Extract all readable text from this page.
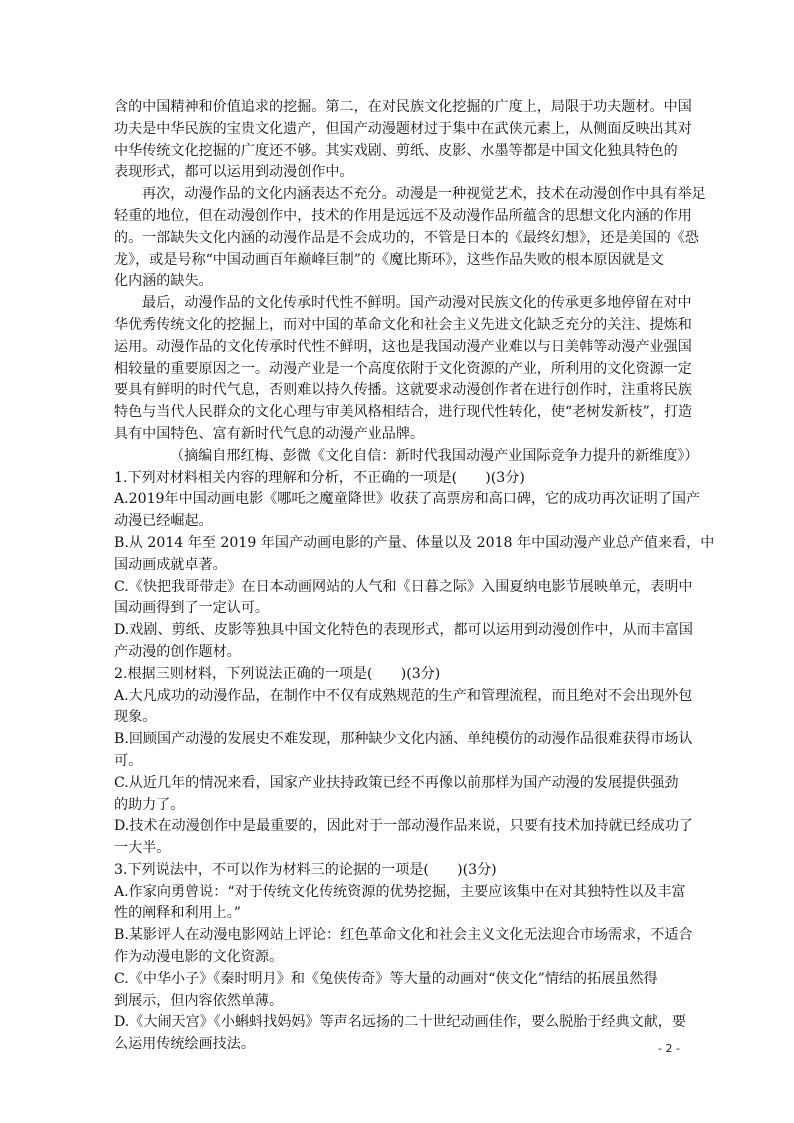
含的中国精神和价值追求的挖掘。第二，在对民族文化挖掘的广度上，局限于功夫题材。中国
功夫是中华民族的宝贵文化遗产，但国产动漫题材过于集中在武侠元素上，从侧面反映出其对
中华传统文化挖掘的广度还不够。其实戏剧、剪纸、皮影、水墨等都是中国文化独具特色的
表现形式，都可以运用到动漫创作中。
再次，动漫作品的文化内涵表达不充分。动漫是一种视觉艺术，技术在动漫创作中具有举足
轻重的地位，但在动漫创作中，技术的作用是远远不及动漫作品所蕴含的思想文化内涵的作用
的。一部缺失文化内涵的动漫作品是不会成功的，不管是日本的《最终幻想》，还是美国的《恐
龙》，或是号称“中国动画百年巅峰巨制”的《魔比斯环》，这些作品失败的根本原因就是文
化内涵的缺失。
最后，动漫作品的文化传承时代性不鲜明。国产动漫对民族文化的传承更多地停留在对中
华优秀传统文化的挖掘上，而对中国的革命文化和社会主义先进文化缺乏充分的关注、提炼和
运用。动漫作品的文化传承时代性不鲜明，这也是我国动漫产业难以与日美韩等动漫产业强国
相较量的重要原因之一。动漫产业是一个高度依附于文化资源的产业，所利用的文化资源一定
要具有鲜明的时代气息，否则难以持久传播。这就要求动漫创作者在进行创作时，注重将民族
特色与当代人民群众的文化心理与审美风格相结合，进行现代性转化，使“老树发新枝”，打造
具有中国特色、富有新时代气息的动漫产业品牌。
（摘编自邢红梅、彭微《文化自信：新时代我国动漫产业国际竞争力提升的新维度》）
1.下列对材料相关内容的理解和分析，不正确的一项是(　　)(3分)
A.2019年中国动画电影《哪吒之魔童降世》收获了高票房和高口碑，它的成功再次证明了国产
动漫已经崛起。
B.从 2014 年至 2019 年国产动画电影的产量、体量以及 2018 年中国动漫产业总产值来看，中
国动画成就卓著。
C.《快把我哥带走》在日本动画网站的人气和《日暮之际》入围夏纳电影节展映单元，表明中
国动画得到了一定认可。
D.戏剧、剪纸、皮影等独具中国文化特色的表现形式，都可以运用到动漫创作中，从而丰富国
产动漫的创作题材。
2.根据三则材料，下列说法正确的一项是(　　)(3分)
A.大凡成功的动漫作品，在制作中不仅有成熟规范的生产和管理流程，而且绝对不会出现外包
现象。
B.回顾国产动漫的发展史不难发现，那种缺少文化内涵、单纯模仿的动漫作品很难获得市场认
可。
C.从近几年的情况来看，国家产业扶持政策已经不再像以前那样为国产动漫的发展提供强劲
的助力了。
D.技术在动漫创作中是最重要的，因此对于一部动漫作品来说，只要有技术加持就已经成功了
一大半。
3.下列说法中，不可以作为材料三的论据的一项是(　　)(3分)
A.作家向勇曾说：“对于传统文化传统资源的优势挖掘，主要应该集中在对其独特性以及丰富
性的阐释和利用上。”
B.某影评人在动漫电影网站上评论：红色革命文化和社会主义文化无法迎合市场需求，不适合
作为动漫电影的文化资源。
C.《中华小子》《秦时明月》和《兔侠传奇》等大量的动画对“侠文化”情结的拓展虽然得
到展示，但内容依然单薄。
D.《大闹天宫》《小蝌蚪找妈妈》等声名远扬的二十世纪动画佳作，要么脱胎于经典文献，要
么运用传统绘画技法。	- 2 -
